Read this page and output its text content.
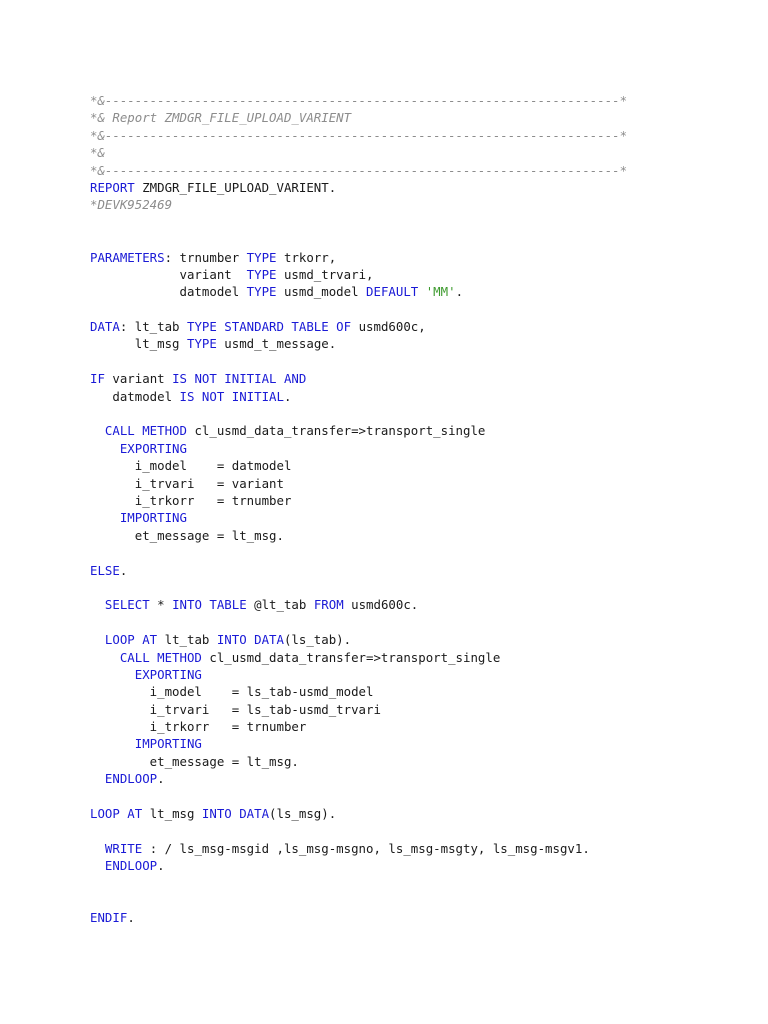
*&---------------------------------------------------------------------*
*& Report ZMDGR_FILE_UPLOAD_VARIENT
*&---------------------------------------------------------------------*
*&
*&---------------------------------------------------------------------*
REPORT ZMDGR_FILE_UPLOAD_VARIENT.
*DEVK952469

PARAMETERS: trnumber TYPE trkorr,
variant  TYPE usmd_trvari,
datmodel TYPE usmd_model DEFAULT 'MM'.

DATA: lt_tab TYPE STANDARD TABLE OF usmd600c,
lt_msg TYPE usmd_t_message.

IF variant IS NOT INITIAL AND
datmodel IS NOT INITIAL.

CALL METHOD cl_usmd_data_transfer=>transport_single
EXPORTING
i_model    = datmodel
i_trvari   = variant
i_trkorr   = trnumber
IMPORTING
et_message = lt_msg.

ELSE.

SELECT * INTO TABLE @lt_tab FROM usmd600c.

LOOP AT lt_tab INTO DATA(ls_tab).
CALL METHOD cl_usmd_data_transfer=>transport_single
EXPORTING
i_model    = ls_tab-usmd_model
i_trvari   = ls_tab-usmd_trvari
i_trkorr   = trnumber
IMPORTING
et_message = lt_msg.
ENDLOOP.

LOOP AT lt_msg INTO DATA(ls_msg).

WRITE : / ls_msg-msgid ,ls_msg-msgno, ls_msg-msgty, ls_msg-msgv1.
ENDLOOP.

ENDIF.
